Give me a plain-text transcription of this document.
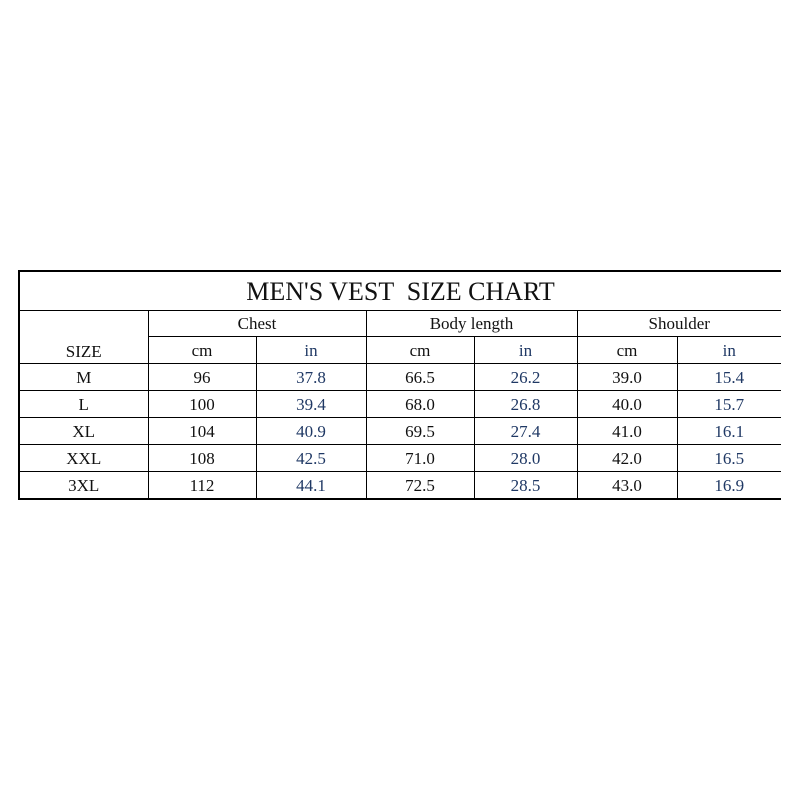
MEN'S VEST  SIZE CHART						
SIZE	Chest		Body length		Shoulder	
	cm	in	cm	in	cm	in
M	96	37.8	66.5	26.2	39.0	15.4
L	100	39.4	68.0	26.8	40.0	15.7
XL	104	40.9	69.5	27.4	41.0	16.1
XXL	108	42.5	71.0	28.0	42.0	16.5
3XL	112	44.1	72.5	28.5	43.0	16.9
